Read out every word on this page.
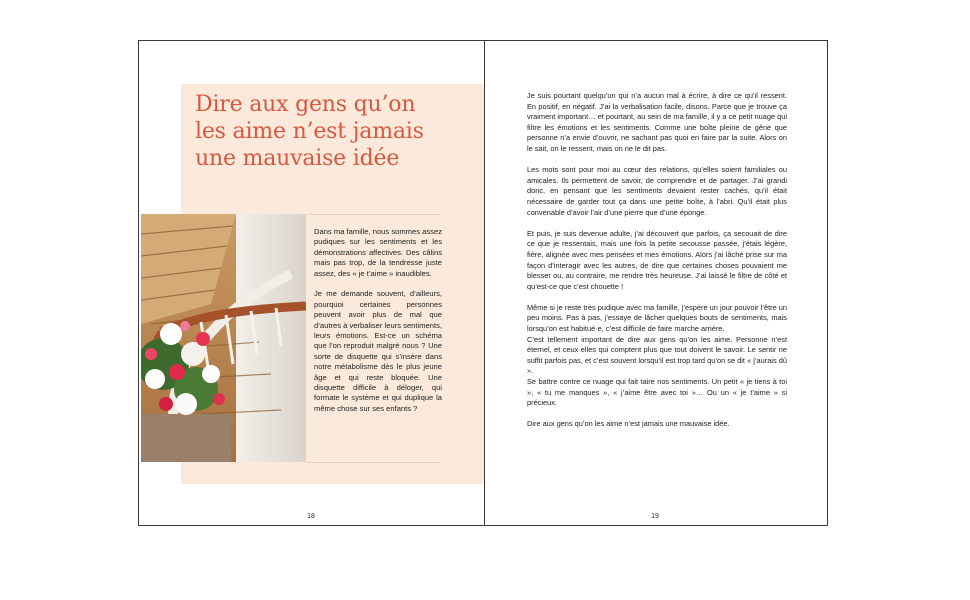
Dire aux gens qu’on les aime n’est jamais une mauvaise idée

Dans ma famille, nous sommes assez pudiques sur les sentiments et les démonstrations affectives. Des câlins mais pas trop, de la tendresse juste assez, des « je t’aime » inaudibles.

Je me demande souvent, d’ailleurs, pourquoi certaines personnes peuvent avoir plus de mal que d’autres à verbaliser leurs sentiments, leurs émotions. Est-ce un schéma que l’on reproduit malgré nous ? Une sorte de disquette qui s’insère dans notre métabolisme dès le plus jeune âge et qui reste bloquée. Une disquette difficile à déloger, qui formate le système et qui duplique la même chose sur ses enfants ?

18

Je suis pourtant quelqu’un qui n’a aucun mal à écrire, à dire ce qu’il ressent. En positif, en négatif. J’ai la verbalisation facile, disons. Parce que je trouve ça vraiment important… et pourtant, au sein de ma famille, il y a ce petit nuage qui filtre les émotions et les sentiments. Comme une boîte pleine de gêne que personne n’a envie d’ouvrir, ne sachant pas quoi en faire par la suite. Alors on le sait, on le ressent, mais on ne le dit pas.

Les mots sont pour moi au cœur des relations, qu’elles soient familiales ou amicales. Ils permettent de savoir, de comprendre et de partager. J’ai grandi donc, en pensant que les sentiments devaient rester cachés, qu’il était nécessaire de garder tout ça dans une petite boîte, à l’abri. Qu’il était plus convenable d’avoir l’air d’une pierre que d’une éponge.

Et puis, je suis devenue adulte, j’ai découvert que parfois, ça secouait de dire ce que je ressentais, mais une fois la petite secousse passée, j’étais légère, fière, alignée avec mes pensées et mes émotions. Alors j’ai lâché prise sur ma façon d’interagir avec les autres, de dire que certaines choses pouvaient me blesser ou, au contraire, me rendre très heureuse. J’ai laissé le filtre de côté et qu’est-ce que c’est chouette !

Même si je reste très pudique avec ma famille, j’espère un jour pouvoir l’être un peu moins. Pas à pas, j’essaye de lâcher quelques bouts de sentiments, mais lorsqu’on est habitué·e, c’est difficile de faire marche arrière.

C’est tellement important de dire aux gens qu’on les aime. Personne n’est éternel, et ceux·elles qui comptent plus que tout doivent le savoir. Le sentir ne suffit parfois pas, et c’est souvent lorsqu’il est trop tard qu’on se dit « j’aurais dû ».

Se battre contre ce nuage qui fait taire nos sentiments. Un petit « je tiens à toi », « tu me manques », « j’aime être avec toi »… Ou un « je t’aime » si précieux.

Dire aux gens qu’on les aime n’est jamais une mauvaise idée.

19
